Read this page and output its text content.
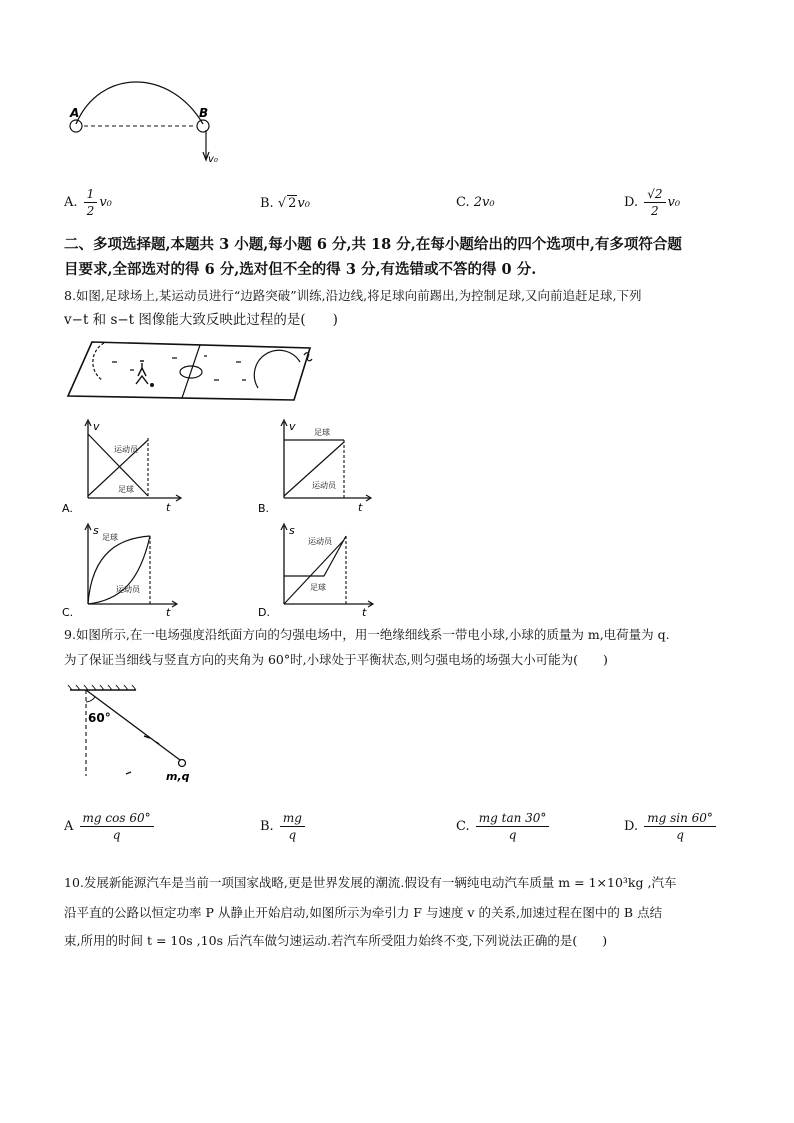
A	B
v₀
A. $\frac{1}{2} v_0$	B. √ 2v₀	C. 2v₀	D. $\frac{√2}{2} v_0$
二、多项选择题,本题共 3 小题,每小题 6 分,共 18 分,在每小题给出的四个选项中,有多项符合题
目要求,全部选对的得 6 分,选对但不全的得 3 分,有选错或不答的得 0 分.
8.如图,足球场上,某运动员进行“边路突破”训练,沿边线,将足球向前踢出,为控制足球,又向前追赶足球,下列
v−t 和 s−t 图像能大致反映此过程的是(　　)
v
t
运动员
足球
A.
v
t
足球
运动员
B.
s
t
足球
运动员
C.
s
t
运动员
足球
D.
9.如图所示,在一电场强度沿纸面方向的匀强电场中，用一绝缘细线系一带电小球,小球的质量为 m,电荷量为 q.
为了保证当细线与竖直方向的夹角为 60°时,小球处于平衡状态,则匀强电场的场强大小可能为(　　)
60°
m,q
A $\frac{\text{mg cos 60°}}{q}$	B. $\frac{mg}{q}$	C. $\frac{\text{mg tan 30°}}{q}$	D. $\frac{\text{mg sin 60°}}{q}$
10.发展新能源汽车是当前一项国家战略,更是世界发展的潮流.假设有一辆纯电动汽车质量 m = 1×10³kg ,汽车
沿平直的公路以恒定功率 P 从静止开始启动,如图所示为牵引力 F 与速度 v 的关系,加速过程在图中的 B 点结
束,所用的时间 t = 10s ,10s 后汽车做匀速运动.若汽车所受阻力始终不变,下列说法正确的是(　　)
